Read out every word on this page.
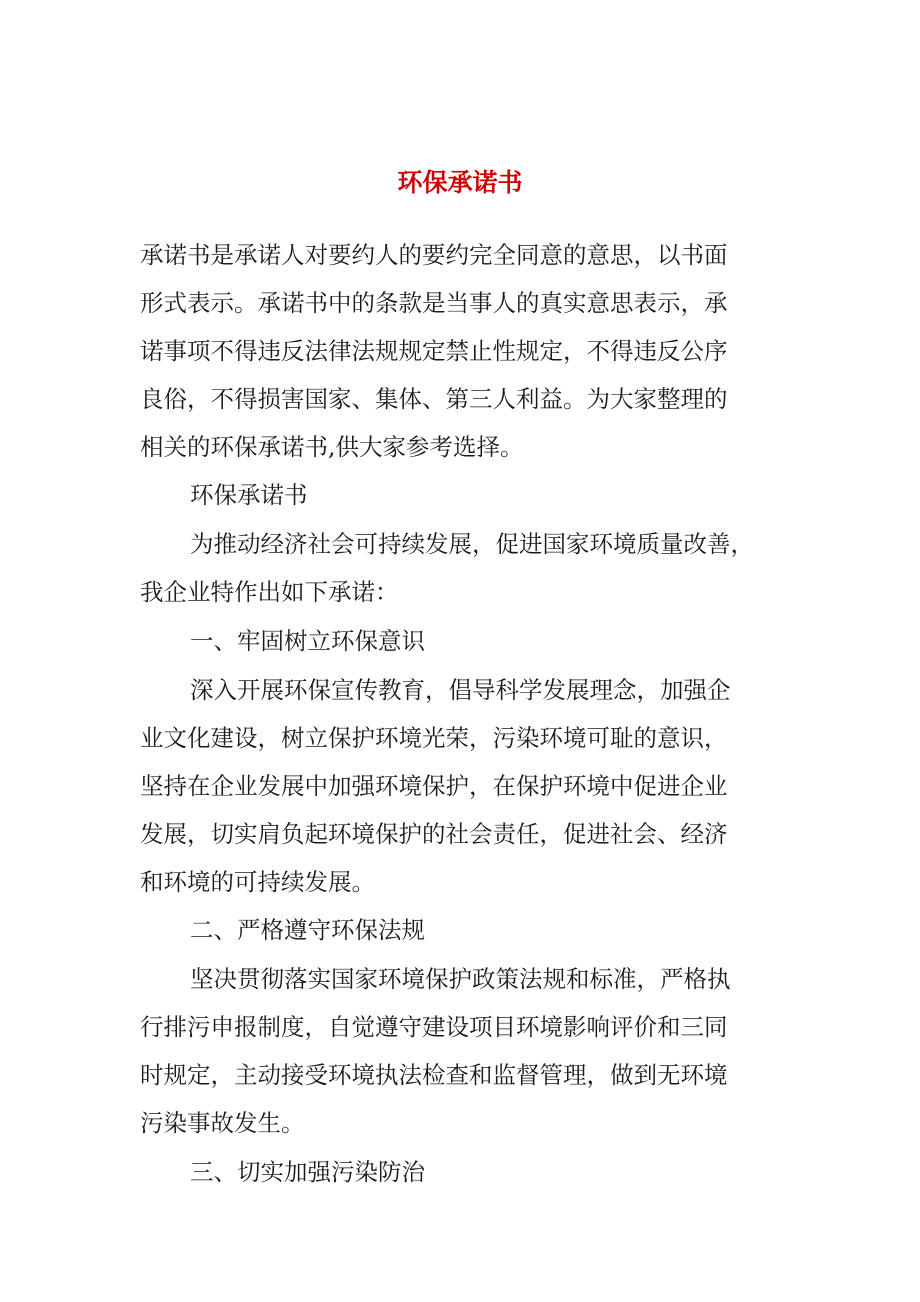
环保承诺书

承诺书是承诺人对要约人的要约完全同意的意思，以书面

形式表示。承诺书中的条款是当事人的真实意思表示，承

诺事项不得违反法律法规规定禁止性规定，不得违反公序

良俗，不得损害国家、集体、第三人利益。为大家整理的

相关的环保承诺书,供大家参考选择。

环保承诺书

为推动经济社会可持续发展，促进国家环境质量改善，

我企业特作出如下承诺：

一、牢固树立环保意识

深入开展环保宣传教育，倡导科学发展理念，加强企

业文化建设，树立保护环境光荣，污染环境可耻的意识，

坚持在企业发展中加强环境保护，在保护环境中促进企业

发展，切实肩负起环境保护的社会责任，促进社会、经济

和环境的可持续发展。

二、严格遵守环保法规

坚决贯彻落实国家环境保护政策法规和标准，严格执

行排污申报制度，自觉遵守建设项目环境影响评价和三同

时规定，主动接受环境执法检查和监督管理，做到无环境

污染事故发生。

三、切实加强污染防治
